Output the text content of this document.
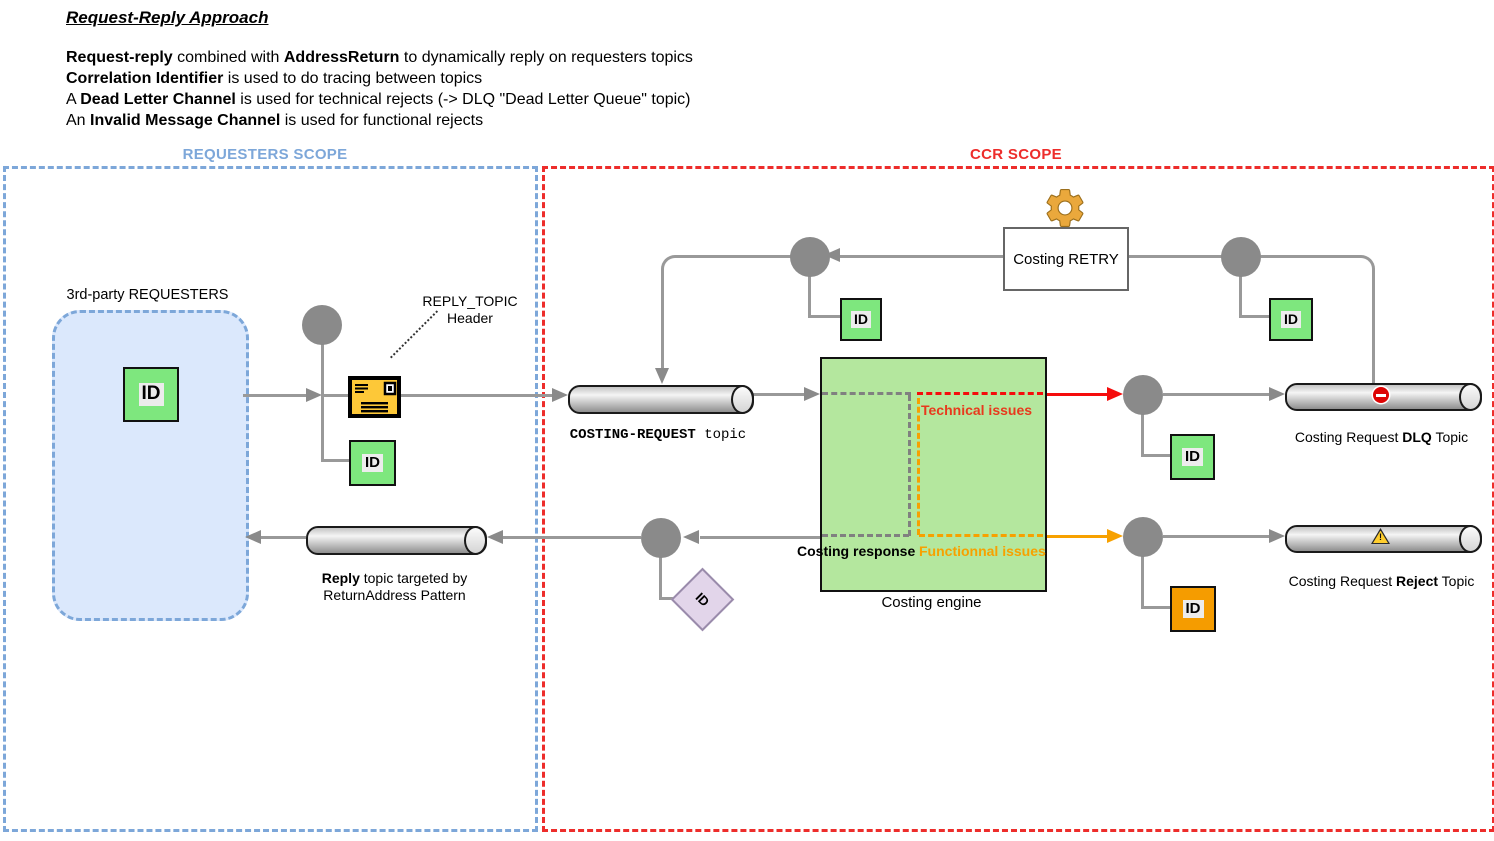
Request-Reply Approach
Request-reply combined with AddressReturn to dynamically reply on requesters topics
Correlation Identifier is used to do tracing between topics
A Dead Letter Channel is used for technical rejects (-> DLQ "Dead Letter Queue" topic)
An Invalid Message Channel is used for functional rejects
REQUESTERS SCOPE	CCR SCOPE
3rd-party REQUESTERS	REPLY_TOPIC
Header
ID
ID
ID	ID
ID
ID
ID
Costing RETRY
COSTING-REQUEST topic	Costing Request DLQ Topic
!
Costing Request Reject Topic
Reply topic targeted by
ReturnAddress Pattern
Technical issues
Functionnal issues
Costing response
Costing engine
